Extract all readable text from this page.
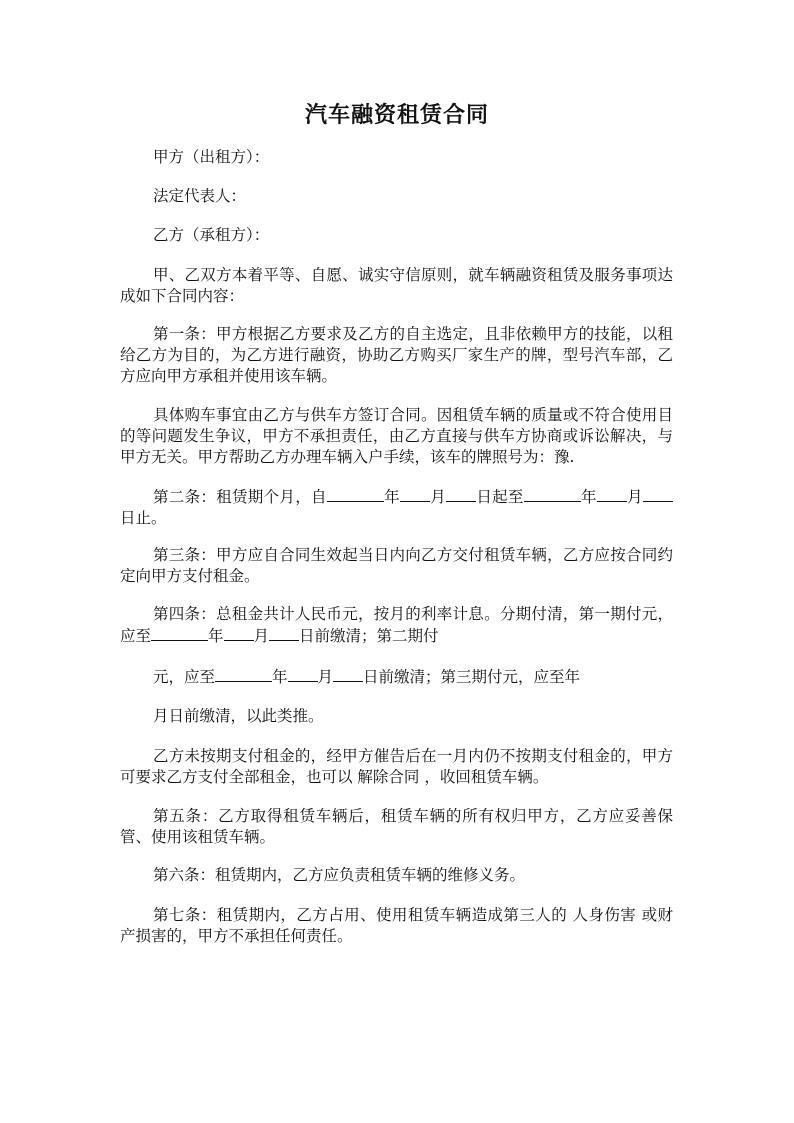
汽车融资租赁合同

甲方（出租方）：

法定代表人：

乙方（承租方）：

甲、乙双方本着平等、自愿、诚实守信原则，就车辆融资租赁及服务事项达成如下合同内容：

第一条：甲方根据乙方要求及乙方的自主选定，且非依赖甲方的技能，以租给乙方为目的，为乙方进行融资，协助乙方购买厂家生产的牌，型号汽车部，乙方应向甲方承租并使用该车辆。

具体购车事宜由乙方与供车方签订合同。因租赁车辆的质量或不符合使用目的等问题发生争议，甲方不承担责任，由乙方直接与供车方协商或诉讼解决，与甲方无关。甲方帮助乙方办理车辆入户手续，该车的牌照号为：豫.

第二条：租赁期个月，自	年 月 日起至	年 月日止。

第三条：甲方应自合同生效起当日内向乙方交付租赁车辆，乙方应按合同约定向甲方支付租金。

第四条：总租金共计人民币元，按月的利率计息。分期付清，第一期付元，应至	年 月 日前缴清；第二期付

元，应至	年 月 日前缴清；第三期付元，应至年

月日前缴清，以此类推。

乙方未按期支付租金的，经甲方催告后在一月内仍不按期支付租金的，甲方可要求乙方支付全部租金，也可以 解除合同 ，收回租赁车辆。

第五条：乙方取得租赁车辆后，租赁车辆的所有权归甲方，乙方应妥善保管、使用该租赁车辆。

第六条：租赁期内，乙方应负责租赁车辆的维修义务。

第七条：租赁期内，乙方占用、使用租赁车辆造成第三人的 人身伤害 或财产损害的，甲方不承担任何责任。
